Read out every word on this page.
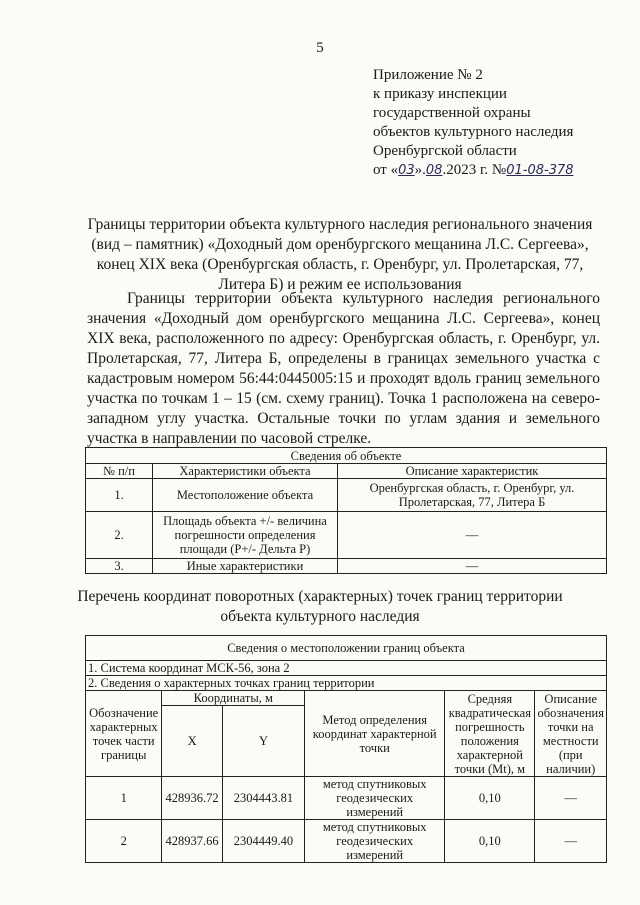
5
Приложение № 2
к приказу инспекции
государственной охраны
объектов культурного наследия
Оренбургской области
от «03».08.2023 г. №01-08-378
Границы территории объекта культурного наследия регионального значения
(вид – памятник) «Доходный дом оренбургского мещанина Л.С. Сергеева»,
конец XIX века (Оренбургская область, г. Оренбург, ул. Пролетарская, 77,
Литера Б) и режим ее использования
Границы территории объекта культурного наследия регионального значения «Доходный дом оренбургского мещанина Л.С. Сергеева», конец XIX века, расположенного по адресу: Оренбургская область, г. Оренбург, ул. Пролетарская, 77, Литера Б, определены в границах земельного участка с кадастровым номером 56:44:0445005:15 и проходят вдоль границ земельного участка по точкам 1 – 15 (см. схему границ). Точка 1 расположена на северо-западном углу участка. Остальные точки по углам здания и земельного участка в направлении по часовой стрелке.
Сведения об объекте		
№ п/п	Характеристики объекта	Описание характеристик
1.	Местоположение объекта	Оренбургская область, г. Оренбург, ул. Пролетарская, 77, Литера Б
2.	Площадь объекта +/- величина погрешности определения площади (P+/- Дельта P)	—
3.	Иные характеристики	—
Перечень координат поворотных (характерных) точек границ территории
объекта культурного наследия
Сведения о местоположении границ объекта					
1. Система координат МСК-56, зона 2					
2. Сведения о характерных точках границ территории					
Обозначение характерных точек части границы	Координаты, м		Метод определения координат характерной точки	Средняя квадратическая погрешность положения характерной точки (Mt), м	Описание обозначения точки на местности (при наличии)
	X	Y			
1	428936.72	2304443.81	метод спутниковых геодезических измерений	0,10	—
2	428937.66	2304449.40	метод спутниковых геодезических измерений	0,10	—
